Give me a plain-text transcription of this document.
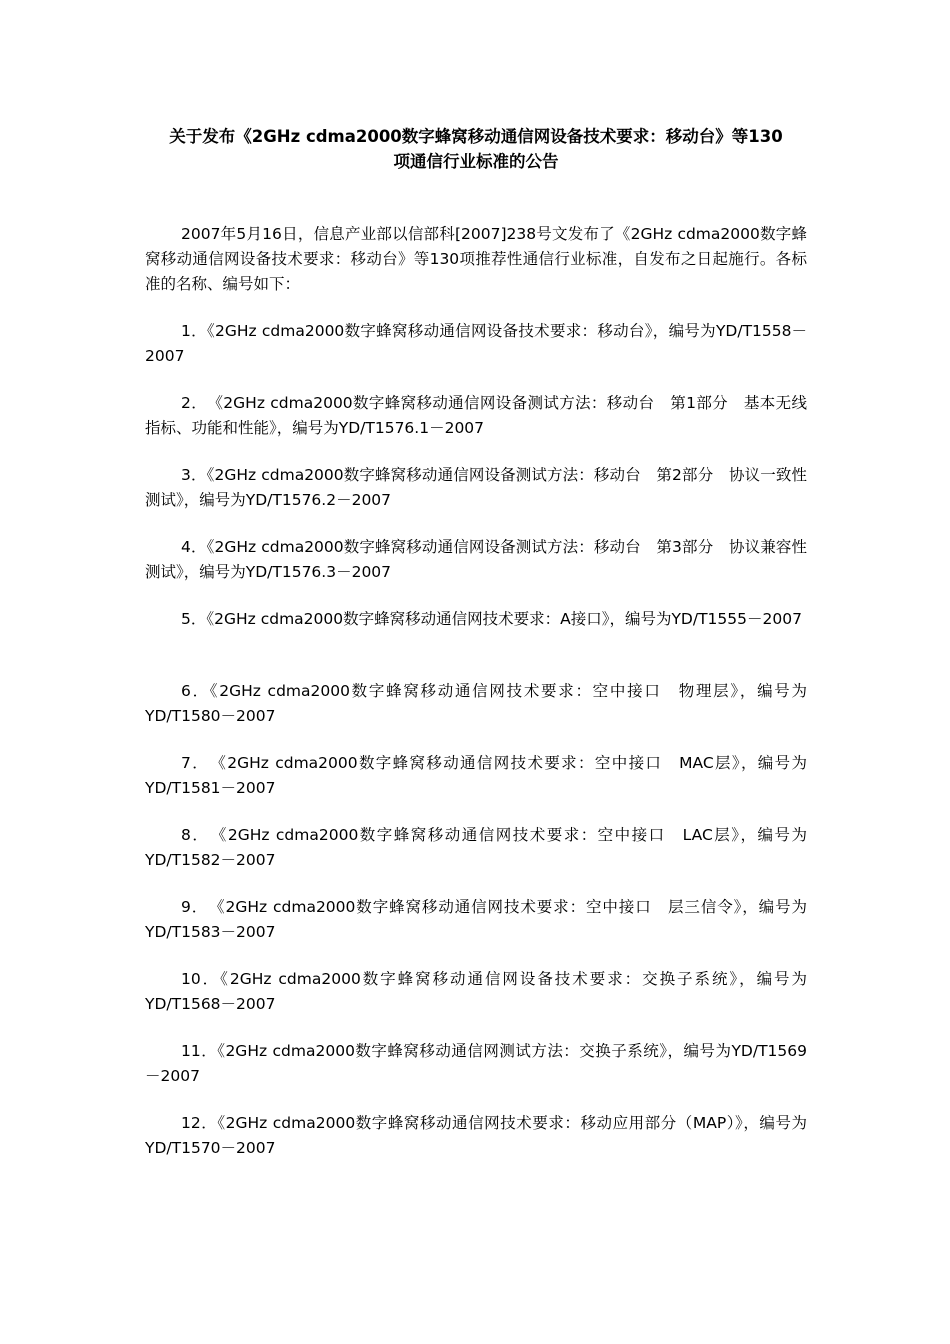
关于发布《2GHz cdma2000数字蜂窝移动通信网设备技术要求：移动台》等130
项通信行业标准的公告
2007年5月16日，信息产业部以信部科[2007]238号文发布了《2GHz cdma2000数字蜂窝移动通信网设备技术要求：移动台》等130项推荐性通信行业标准，自发布之日起施行。各标准的名称、编号如下：
1．《2GHz cdma2000数字蜂窝移动通信网设备技术要求：移动台》，编号为YD/T1558－2007
2．　《2GHz cdma2000数字蜂窝移动通信网设备测试方法：移动台　第1部分　基本无线指标、功能和性能》，编号为YD/T1576.1－2007
3．《2GHz cdma2000数字蜂窝移动通信网设备测试方法：移动台　第2部分　协议一致性测试》，编号为YD/T1576.2－2007
4．《2GHz cdma2000数字蜂窝移动通信网设备测试方法：移动台　第3部分　协议兼容性测试》，编号为YD/T1576.3－2007
5．《2GHz cdma2000数字蜂窝移动通信网技术要求：A接口》，编号为YD/T1555－2007
6．《2GHz cdma2000数字蜂窝移动通信网技术要求：空中接口　物理层》，编号为YD/T1580－2007
7．　《2GHz cdma2000数字蜂窝移动通信网技术要求：空中接口　MAC层》，编号为YD/T1581－2007
8．　《2GHz cdma2000数字蜂窝移动通信网技术要求：空中接口　LAC层》，编号为YD/T1582－2007
9．　《2GHz cdma2000数字蜂窝移动通信网技术要求：空中接口　层三信令》，编号为YD/T1583－2007
10．《2GHz cdma2000数字蜂窝移动通信网设备技术要求：交换子系统》，编号为YD/T1568－2007
11．《2GHz cdma2000数字蜂窝移动通信网测试方法：交换子系统》，编号为YD/T1569－2007
12．《2GHz cdma2000数字蜂窝移动通信网技术要求：移动应用部分（MAP）》，编号为YD/T1570－2007
